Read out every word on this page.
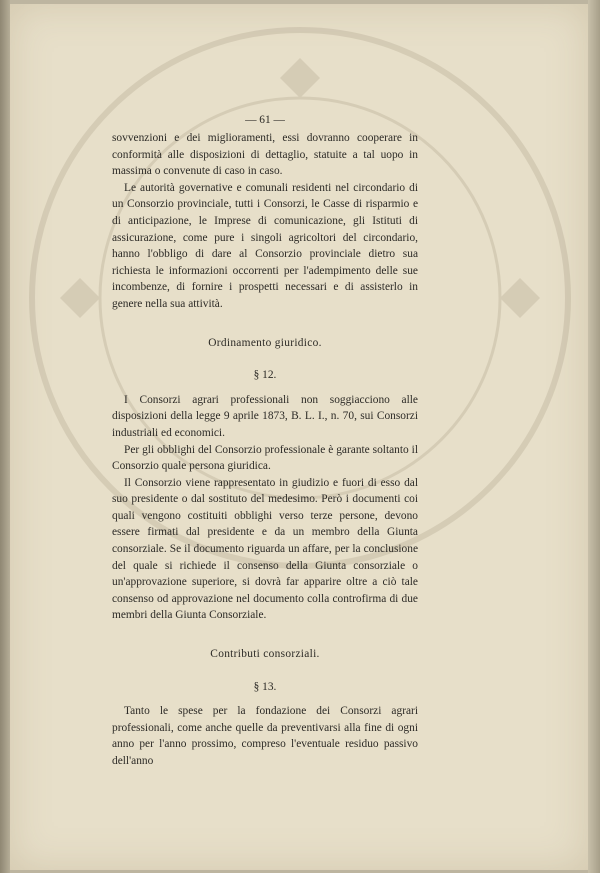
— 61 —

sovvenzioni e dei miglioramenti, essi dovranno cooperare in conformità alle disposizioni di dettaglio, statuite a tal uopo in massima o convenute di caso in caso.

Le autorità governative e comunali residenti nel circondario di un Consorzio provinciale, tutti i Consorzi, le Casse di risparmio e di anticipazione, le Imprese di comunicazione, gli Istituti di assicurazione, come pure i singoli agricoltori del circondario, hanno l'obbligo di dare al Consorzio provinciale dietro sua richiesta le informazioni occorrenti per l'adempimento delle sue incombenze, di fornire i prospetti necessari e di assisterlo in genere nella sua attività.

Ordinamento giuridico.

§ 12.

I Consorzi agrari professionali non soggiacciono alle disposizioni della legge 9 aprile 1873, B. L. I., n. 70, sui Consorzi industriali ed economici.

Per gli obblighi del Consorzio professionale è garante soltanto il Consorzio quale persona giuridica.

Il Consorzio viene rappresentato in giudizio e fuori di esso dal suo presidente o dal sostituto del medesimo. Però i documenti coi quali vengono costituiti obblighi verso terze persone, devono essere firmati dal presidente e da un membro della Giunta consorziale. Se il documento riguarda un affare, per la conclusione del quale si richiede il consenso della Giunta consorziale o un'approvazione superiore, si dovrà far apparire oltre a ciò tale consenso od approvazione nel documento colla controfirma di due membri della Giunta Consorziale.

Contributi consorziali.

§ 13.

Tanto le spese per la fondazione dei Consorzi agrari professionali, come anche quelle da preventivarsi alla fine di ogni anno per l'anno prossimo, compreso l'eventuale residuo passivo dell'anno
